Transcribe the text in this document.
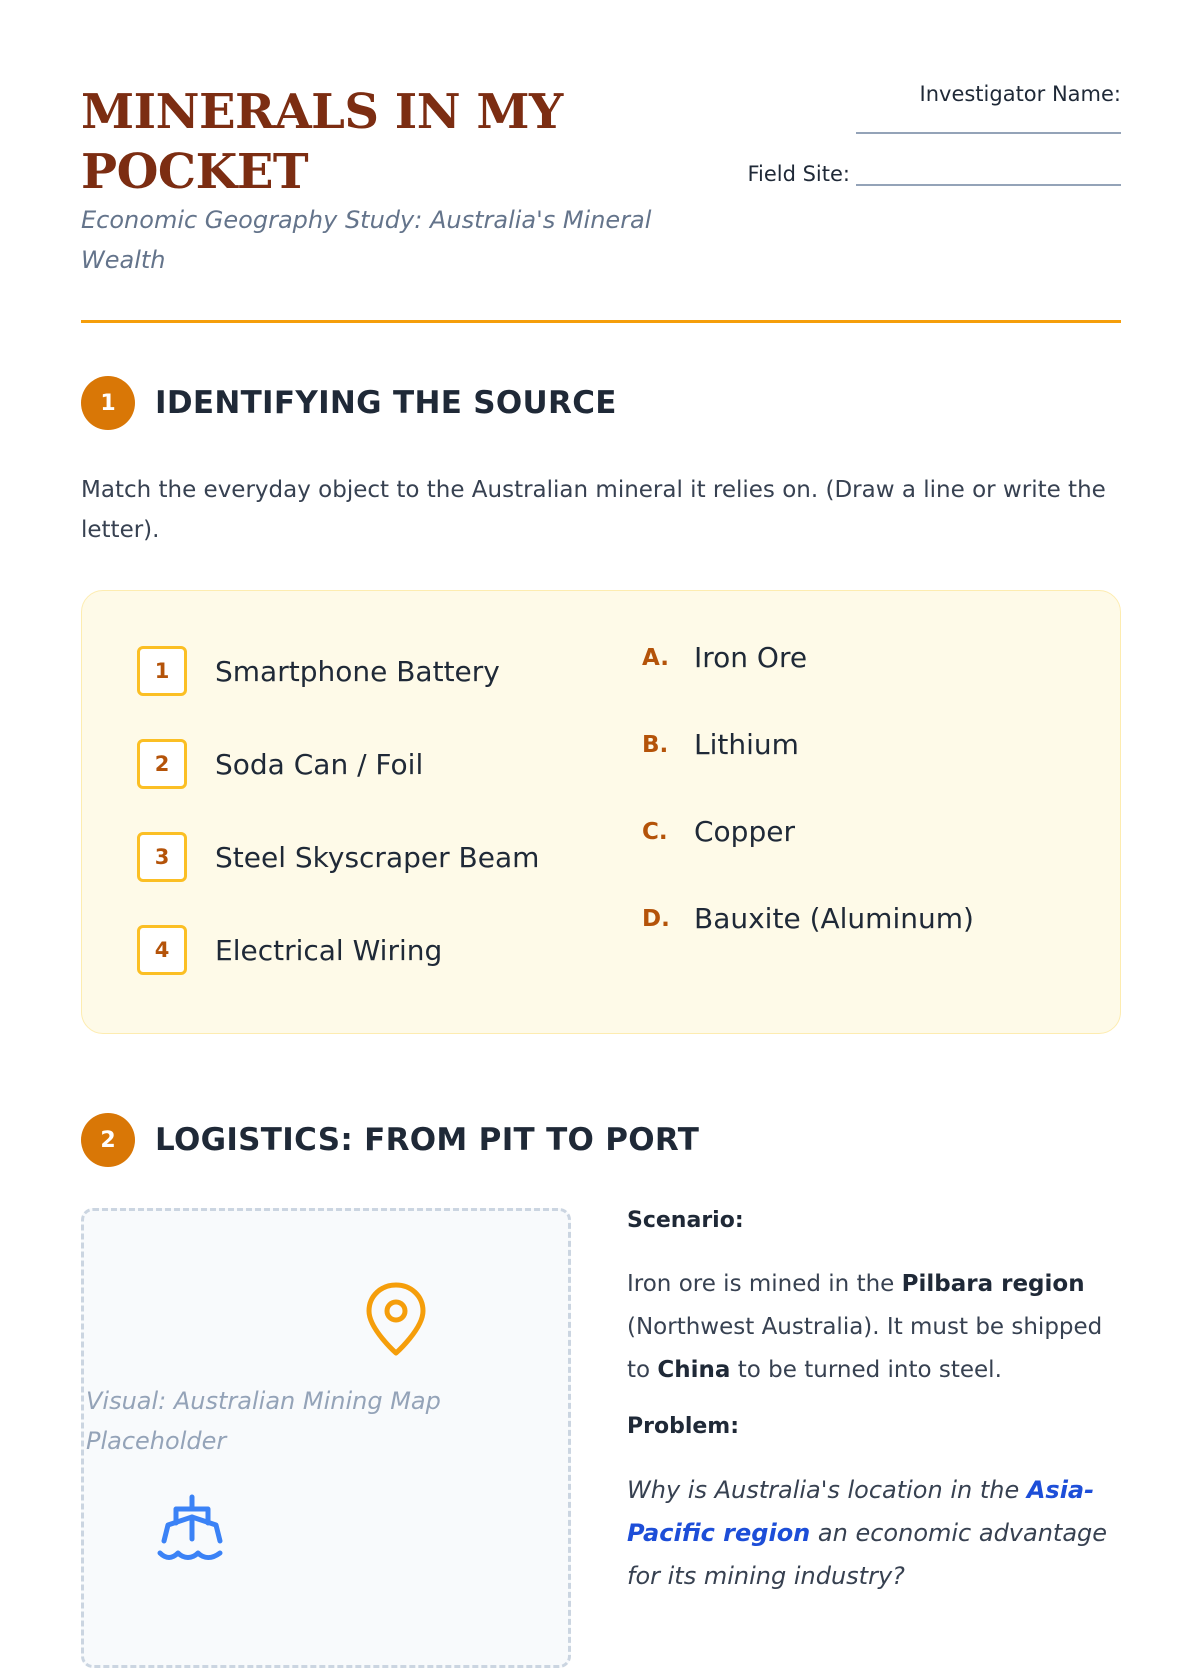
MINERALS IN MY POCKET
Economic Geography Study: Australia's Mineral Wealth
Investigator Name:
Field Site:
1	IDENTIFYING THE SOURCE
Match the everyday object to the Australian mineral it relies on. (Draw a line or write the letter).
1	Smartphone Battery
2	Soda Can / Foil
3	Steel Skyscraper Beam
4	Electrical Wiring
A. Iron Ore
B. Lithium
C. Copper
D. Bauxite (Aluminum)
2	LOGISTICS: FROM PIT TO PORT
Visual: Australian Mining Map Placeholder
Scenario:
Iron ore is mined in the Pilbara region (Northwest Australia). It must be shipped to China to be turned into steel.
Problem:
Why is Australia's location in the Asia-Pacific region an economic advantage for its mining industry?
